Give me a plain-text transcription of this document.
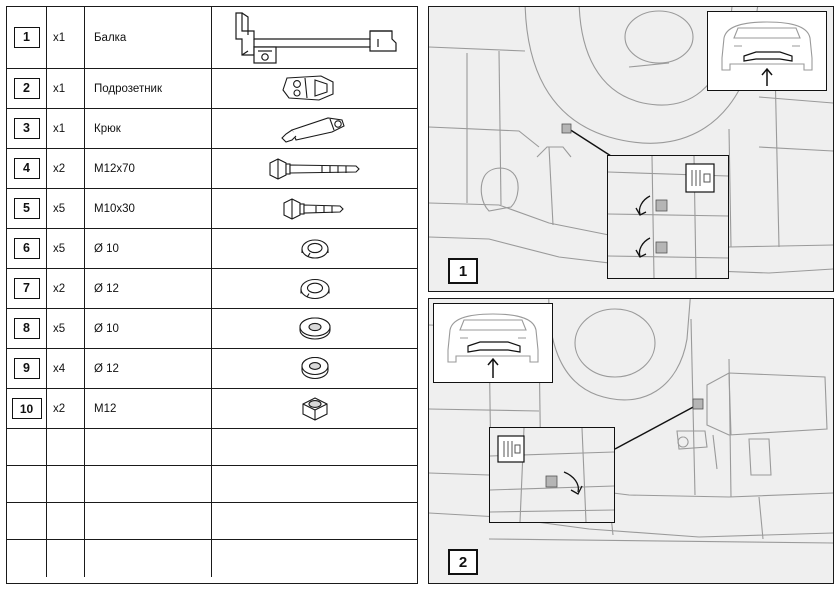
1	x1	Балка
2	x1	Подрозетник
3	x1	Крюк
4	x2	M12x70
5	x5	M10x30
6	x5	Ø 10
7	x2	Ø 12
8	x5	Ø 10
9	x4	Ø 12
10	x2	M12
1
2
